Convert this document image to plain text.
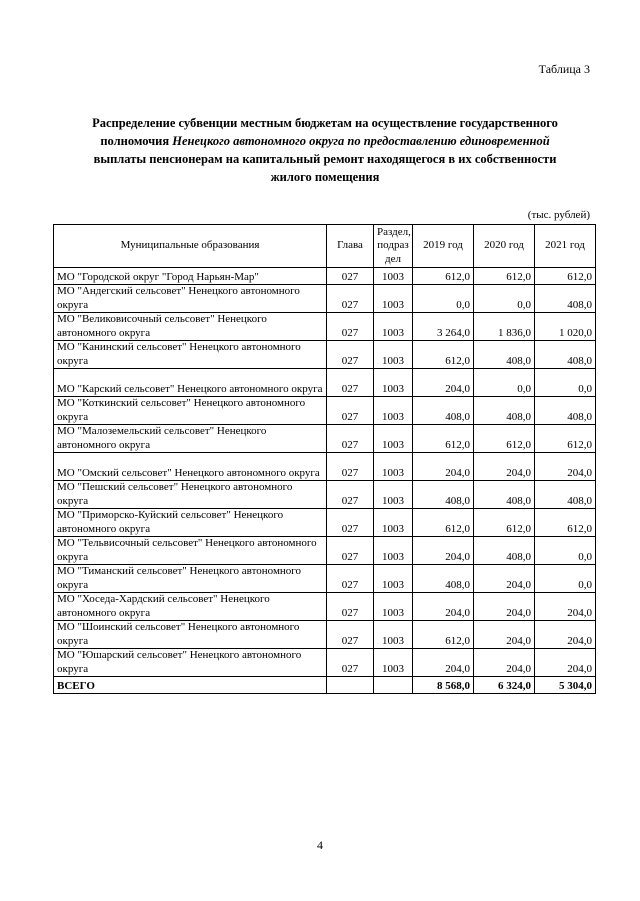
Таблица 3
Распределение субвенции местным бюджетам на осуществление государственного
полномочия Ненецкого автономного округа по предоставлению единовременной
выплаты пенсионерам на капитальный ремонт находящегося в их собственности
жилого помещения
(тыс. рублей)
Муниципальные образования	Глава	Раздел,
подраз
дел	2019 год	2020 год	2021 год
МО "Городской округ "Город Нарьян-Мар"	027	1003	612,0	612,0	612,0
МО "Андегский сельсовет" Ненецкого автономного округа	027	1003	0,0	0,0	408,0
МО "Великовисочный сельсовет" Ненецкого автономного округа	027	1003	3 264,0	1 836,0	1 020,0
МО "Канинский сельсовет" Ненецкого автономного округа	027	1003	612,0	408,0	408,0
МО "Карский сельсовет" Ненецкого автономного округа	027	1003	204,0	0,0	0,0
МО "Коткинский сельсовет" Ненецкого автономного округа	027	1003	408,0	408,0	408,0
МО "Малоземельский сельсовет" Ненецкого автономного округа	027	1003	612,0	612,0	612,0
МО "Омский сельсовет" Ненецкого автономного округа	027	1003	204,0	204,0	204,0
МО "Пешский сельсовет" Ненецкого автономного округа	027	1003	408,0	408,0	408,0
МО "Приморско-Куйский сельсовет" Ненецкого автономного округа	027	1003	612,0	612,0	612,0
МО "Тельвисочный сельсовет" Ненецкого автономного округа	027	1003	204,0	408,0	0,0
МО "Тиманский сельсовет" Ненецкого автономного округа	027	1003	408,0	204,0	0,0
МО "Хоседа-Хардский сельсовет" Ненецкого автономного округа	027	1003	204,0	204,0	204,0
МО "Шоинский сельсовет" Ненецкого автономного округа	027	1003	612,0	204,0	204,0
МО "Юшарский сельсовет" Ненецкого автономного округа	027	1003	204,0	204,0	204,0
ВСЕГО			8 568,0	6 324,0	5 304,0
4
